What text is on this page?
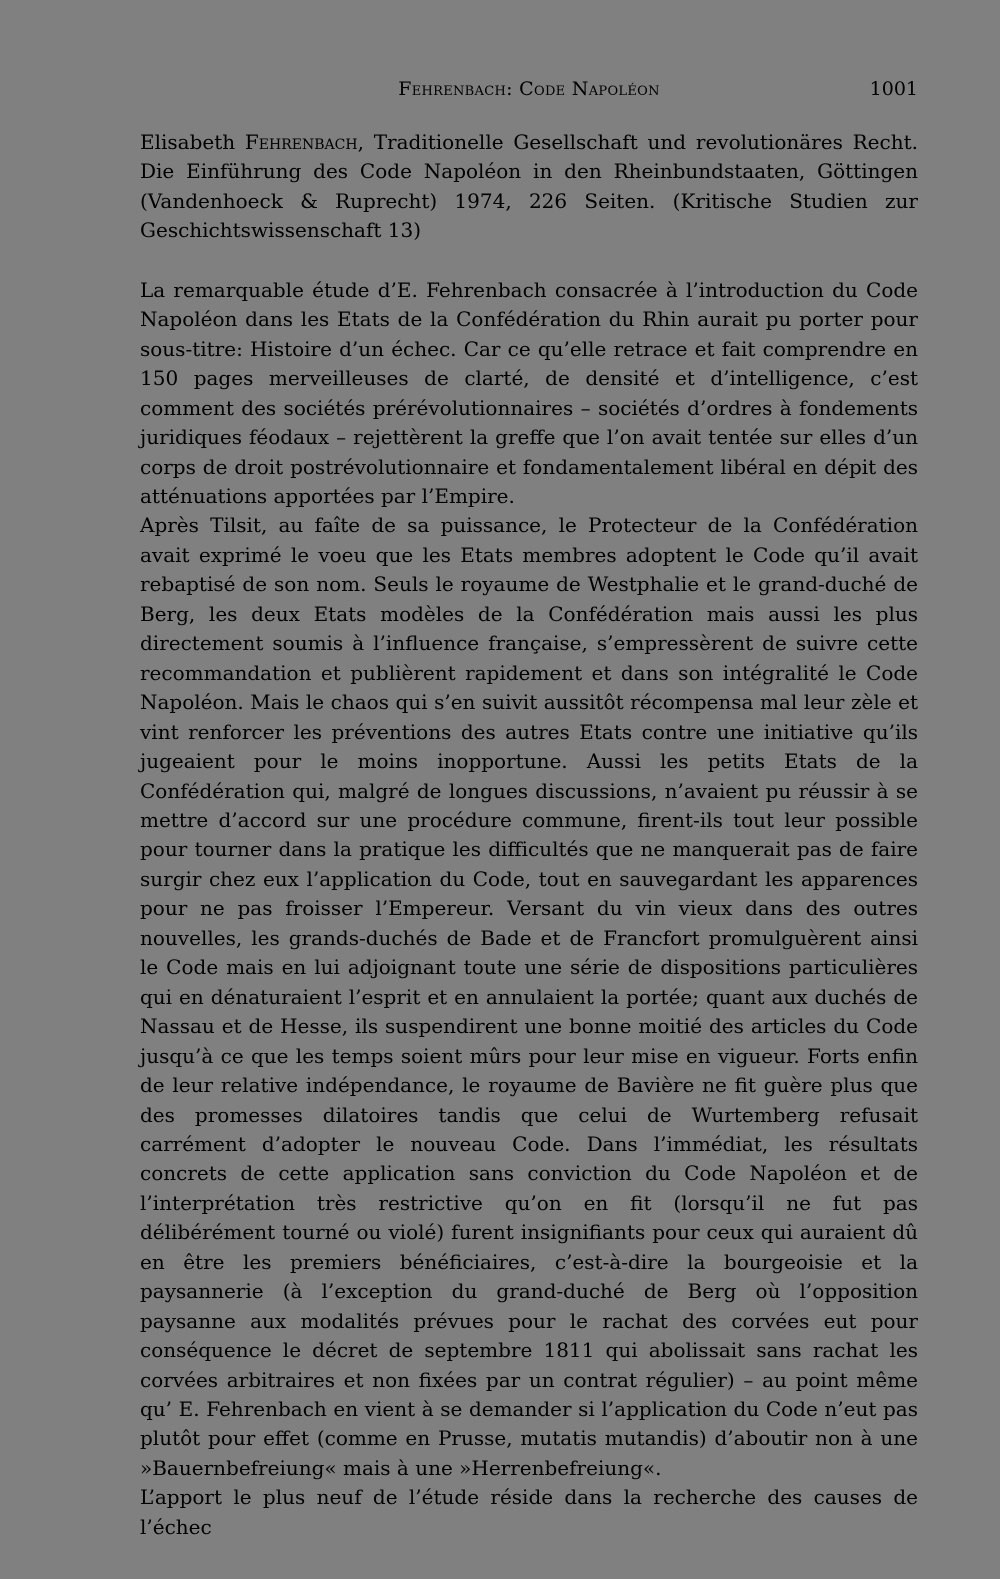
Fehrenbach: Code Napoléon	1001

Elisabeth Fehrenbach, Traditionelle Gesellschaft und revolutionäres Recht. Die Einführung des Code Napoléon in den Rheinbundstaaten, Göttingen (Vandenhoeck & Ruprecht) 1974, 226 Seiten. (Kritische Studien zur Geschichtswissenschaft 13)

La remarquable étude d’E. Fehrenbach consacrée à l’introduction du Code Napoléon dans les Etats de la Confédération du Rhin aurait pu porter pour sous-titre: Histoire d’un échec. Car ce qu’elle retrace et fait comprendre en 150 pages merveilleuses de clarté, de densité et d’intelligence, c’est comment des sociétés prérévolutionnaires – sociétés d’ordres à fondements juridiques féodaux – rejettèrent la greffe que l’on avait tentée sur elles d’un corps de droit postrévolutionnaire et fondamentalement libéral en dépit des atténuations apportées par l’Empire.

Après Tilsit, au faîte de sa puissance, le Protecteur de la Confédération avait exprimé le voeu que les Etats membres adoptent le Code qu’il avait rebaptisé de son nom. Seuls le royaume de Westphalie et le grand-duché de Berg, les deux Etats modèles de la Confédération mais aussi les plus directement soumis à l’influence française, s’empressèrent de suivre cette recommandation et publièrent rapidement et dans son intégralité le Code Napoléon. Mais le chaos qui s’en suivit aussitôt récompensa mal leur zèle et vint renforcer les préventions des autres Etats contre une initiative qu’ils jugeaient pour le moins inopportune. Aussi les petits Etats de la Confédération qui, malgré de longues discussions, n’avaient pu réussir à se mettre d’accord sur une procédure commune, firent-ils tout leur possible pour tourner dans la pratique les difficultés que ne manquerait pas de faire surgir chez eux l’application du Code, tout en sauvegardant les apparences pour ne pas froisser l’Empereur. Versant du vin vieux dans des outres nouvelles, les grands-duchés de Bade et de Francfort promulguèrent ainsi le Code mais en lui adjoignant toute une série de dispositions particulières qui en dénaturaient l’esprit et en annulaient la portée; quant aux duchés de Nassau et de Hesse, ils suspendirent une bonne moitié des articles du Code jusqu’à ce que les temps soient mûrs pour leur mise en vigueur. Forts enfin de leur relative indépendance, le royaume de Bavière ne fit guère plus que des promesses dilatoires tandis que celui de Wurtemberg refusait carrément d’adopter le nouveau Code. Dans l’immédiat, les résultats concrets de cette application sans conviction du Code Napoléon et de l’interprétation très restrictive qu’on en fit (lorsqu’il ne fut pas délibérément tourné ou violé) furent insignifiants pour ceux qui auraient dû en être les premiers bénéficiaires, c’est-à-dire la bourgeoisie et la paysannerie (à l’exception du grand-duché de Berg où l’opposition paysanne aux modalités prévues pour le rachat des corvées eut pour conséquence le décret de septembre 1811 qui abolissait sans rachat les corvées arbitraires et non fixées par un contrat régulier) – au point même qu’ E. Fehrenbach en vient à se demander si l’application du Code n’eut pas plutôt pour effet (comme en Prusse, mutatis mutandis) d’aboutir non à une »Bauernbefreiung« mais à une »Herrenbefreiung«.

L’apport le plus neuf de l’étude réside dans la recherche des causes de l’échec
